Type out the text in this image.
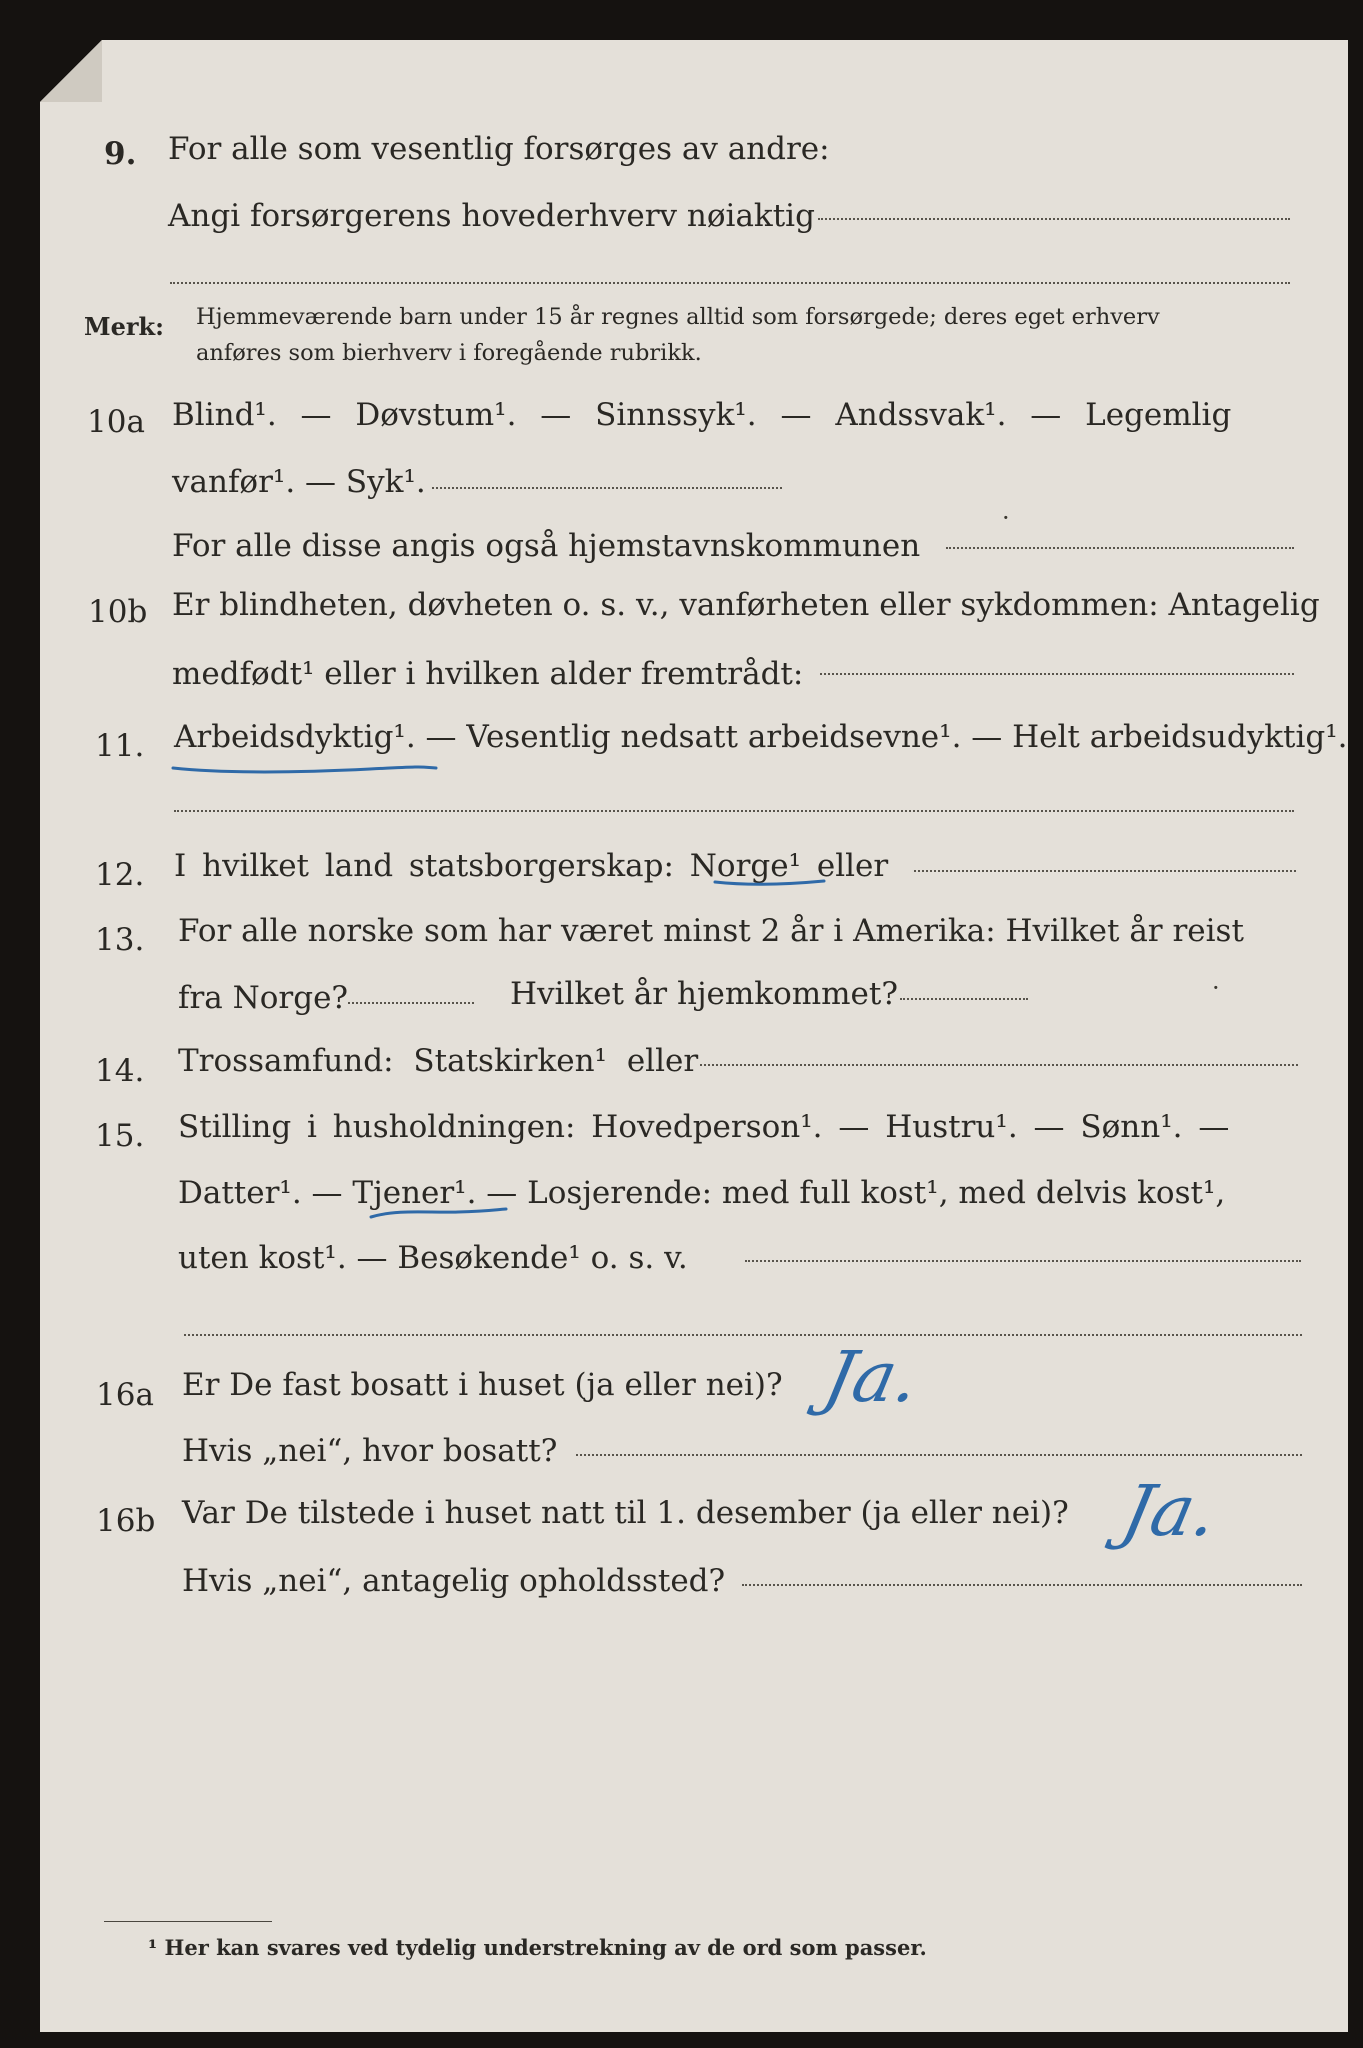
9. For alle som vesentlig forsørges av andre:
Angi forsørgerens hovederhverv nøiaktig
Merk: Hjemmeværende barn under 15 år regnes alltid som forsørgede; deres eget erhverv
anføres som bierhverv i foregående rubrikk.
10a Blind¹. — Døvstum¹. — Sinnssyk¹. — Andssvak¹. — Legemlig
vanfør¹. — Syk¹.
For alle disse angis også hjemstavnskommunen
10b Er blindheten, døvheten o. s. v., vanførheten eller sykdommen: Antagelig
medfødt¹ eller i hvilken alder fremtrådt:
11. Arbeidsdyktig¹. — Vesentlig nedsatt arbeidsevne¹. — Helt arbeidsudyktig¹.
12. I hvilket land statsborgerskap: Norge¹ eller
13. For alle norske som har været minst 2 år i Amerika: Hvilket år reist
fra Norge?	Hvilket år hjemkommet?	·
·
14. Trossamfund: Statskirken¹ eller
15. Stilling i husholdningen: Hovedperson¹. — Hustru¹. — Sønn¹. —
Datter¹. — Tjener¹. — Losjerende: med full kost¹, med delvis kost¹,
uten kost¹. — Besøkende¹ o. s. v.
16a Er De fast bosatt i huset (ja eller nei)? Ja.
Hvis „nei“, hvor bosatt?
16b Var De tilstede i huset natt til 1. desember (ja eller nei)? Ja.
Hvis „nei“, antagelig opholdssted?
¹ Her kan svares ved tydelig understrekning av de ord som passer.
